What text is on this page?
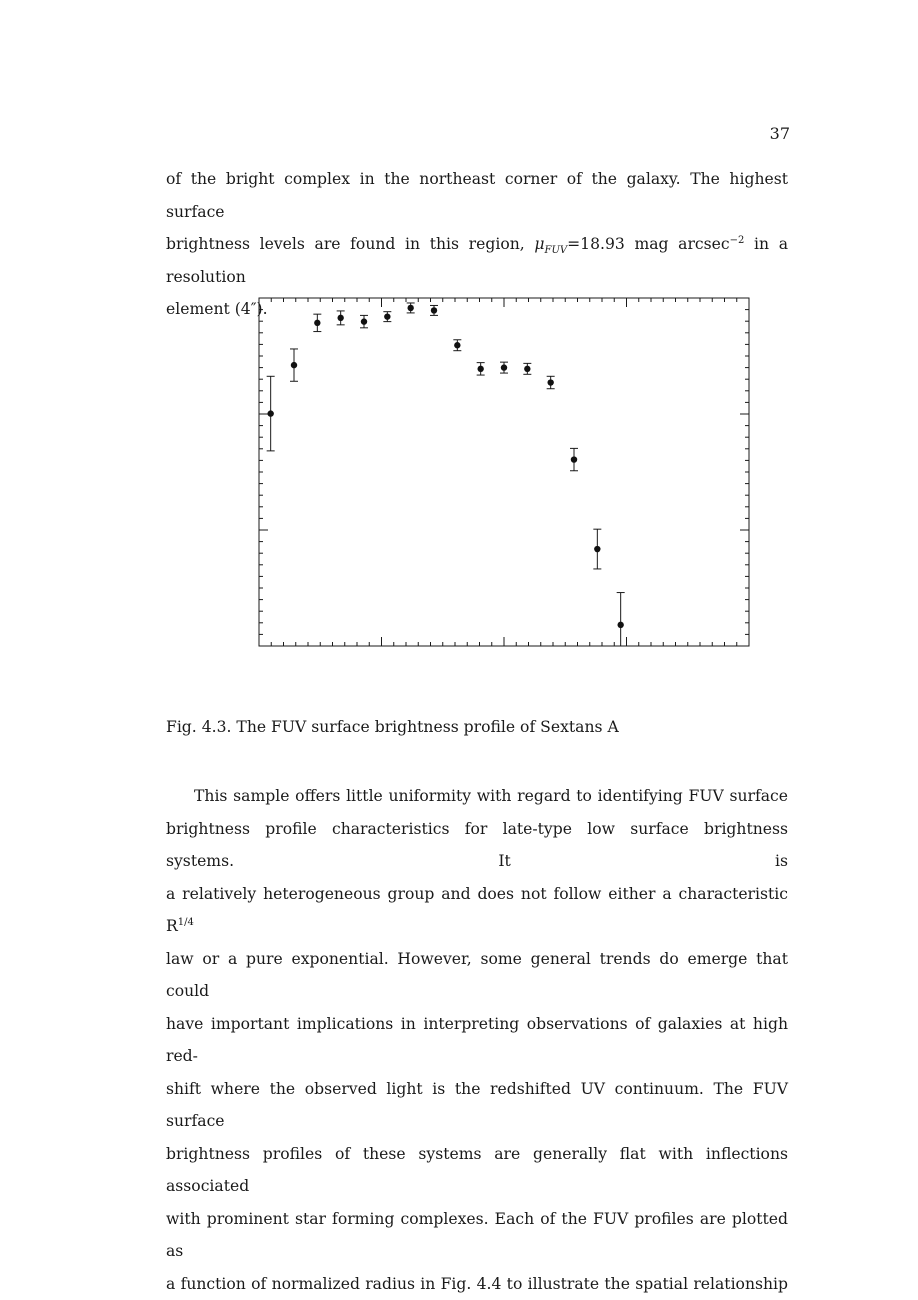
37
of the bright complex in the northeast corner of the galaxy. The highest surface
brightness levels are found in this region, $\mu_{FUV}=18.93$ mag arcsec$^{-2}$ in a resolution
element (4″).
Fig. 4.3. The FUV surface brightness profile of Sextans A
This sample offers little uniformity with regard to identifying FUV surface
brightness profile characteristics for late-type low surface brightness systems. It is
a relatively heterogeneous group and does not follow either a characteristic $R^{1/4}$
law or a pure exponential. However, some general trends do emerge that could
have important implications in interpreting observations of galaxies at high red-
shift where the observed light is the redshifted UV continuum. The FUV surface
brightness profiles of these systems are generally flat with inflections associated
with prominent star forming complexes. Each of the FUV profiles are plotted as
a function of normalized radius in Fig. 4.4 to illustrate the spatial relationship
